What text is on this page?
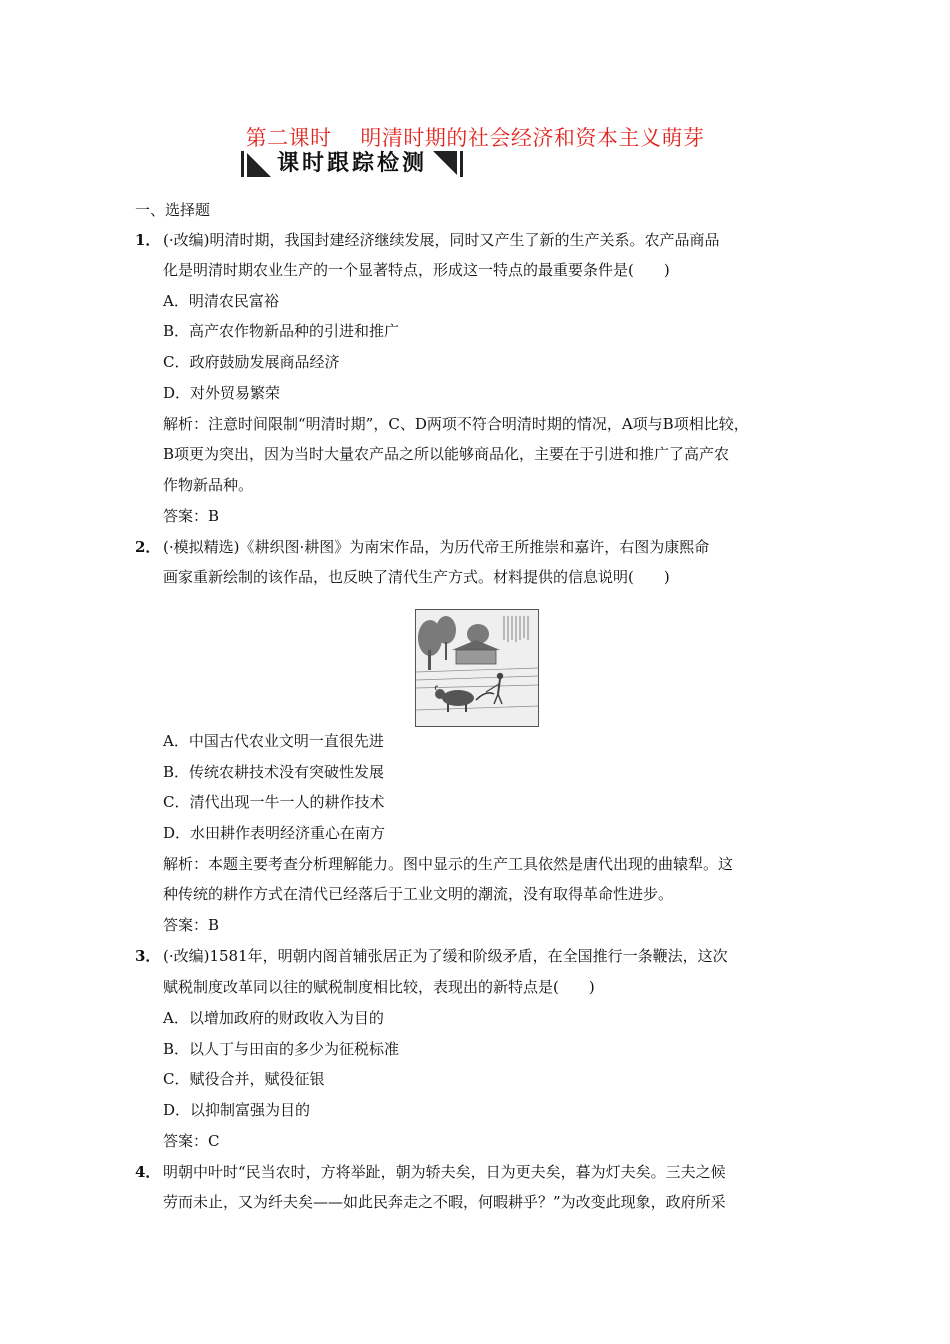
第二课时    明清时期的社会经济和资本主义萌芽
课时跟踪检测
一、选择题
1． (·改编)明清时期，我国封建经济继续发展，同时又产生了新的生产关系。农产品商品
化是明清时期农业生产的一个显著特点，形成这一特点的最重要条件是(　　)
A．明清农民富裕
B．高产农作物新品种的引进和推广
C．政府鼓励发展商品经济
D．对外贸易繁荣
解析：注意时间限制“明清时期”，C、D两项不符合明清时期的情况，A项与B项相比较，
B项更为突出，因为当时大量农产品之所以能够商品化，主要在于引进和推广了高产农
作物新品种。
答案：B
2． (·模拟精选)《耕织图·耕图》为南宋作品，为历代帝王所推崇和嘉许，右图为康熙命
画家重新绘制的该作品，也反映了清代生产方式。材料提供的信息说明(　　)
A．中国古代农业文明一直很先进
B．传统农耕技术没有突破性发展
C．清代出现一牛一人的耕作技术
D．水田耕作表明经济重心在南方
解析：本题主要考查分析理解能力。图中显示的生产工具依然是唐代出现的曲辕犁。这
种传统的耕作方式在清代已经落后于工业文明的潮流，没有取得革命性进步。
答案：B
3． (·改编)1581年，明朝内阁首辅张居正为了缓和阶级矛盾，在全国推行一条鞭法，这次
赋税制度改革同以往的赋税制度相比较，表现出的新特点是(　　)
A．以增加政府的财政收入为目的
B．以人丁与田亩的多少为征税标准
C．赋役合并，赋役征银
D．以抑制富强为目的
答案：C
4． 明朝中叶时“民当农时，方将举趾，朝为轿夫矣，日为更夫矣，暮为灯夫矣。三夫之候
劳而未止，又为纤夫矣——如此民奔走之不暇，何暇耕乎？”为改变此现象，政府所采
